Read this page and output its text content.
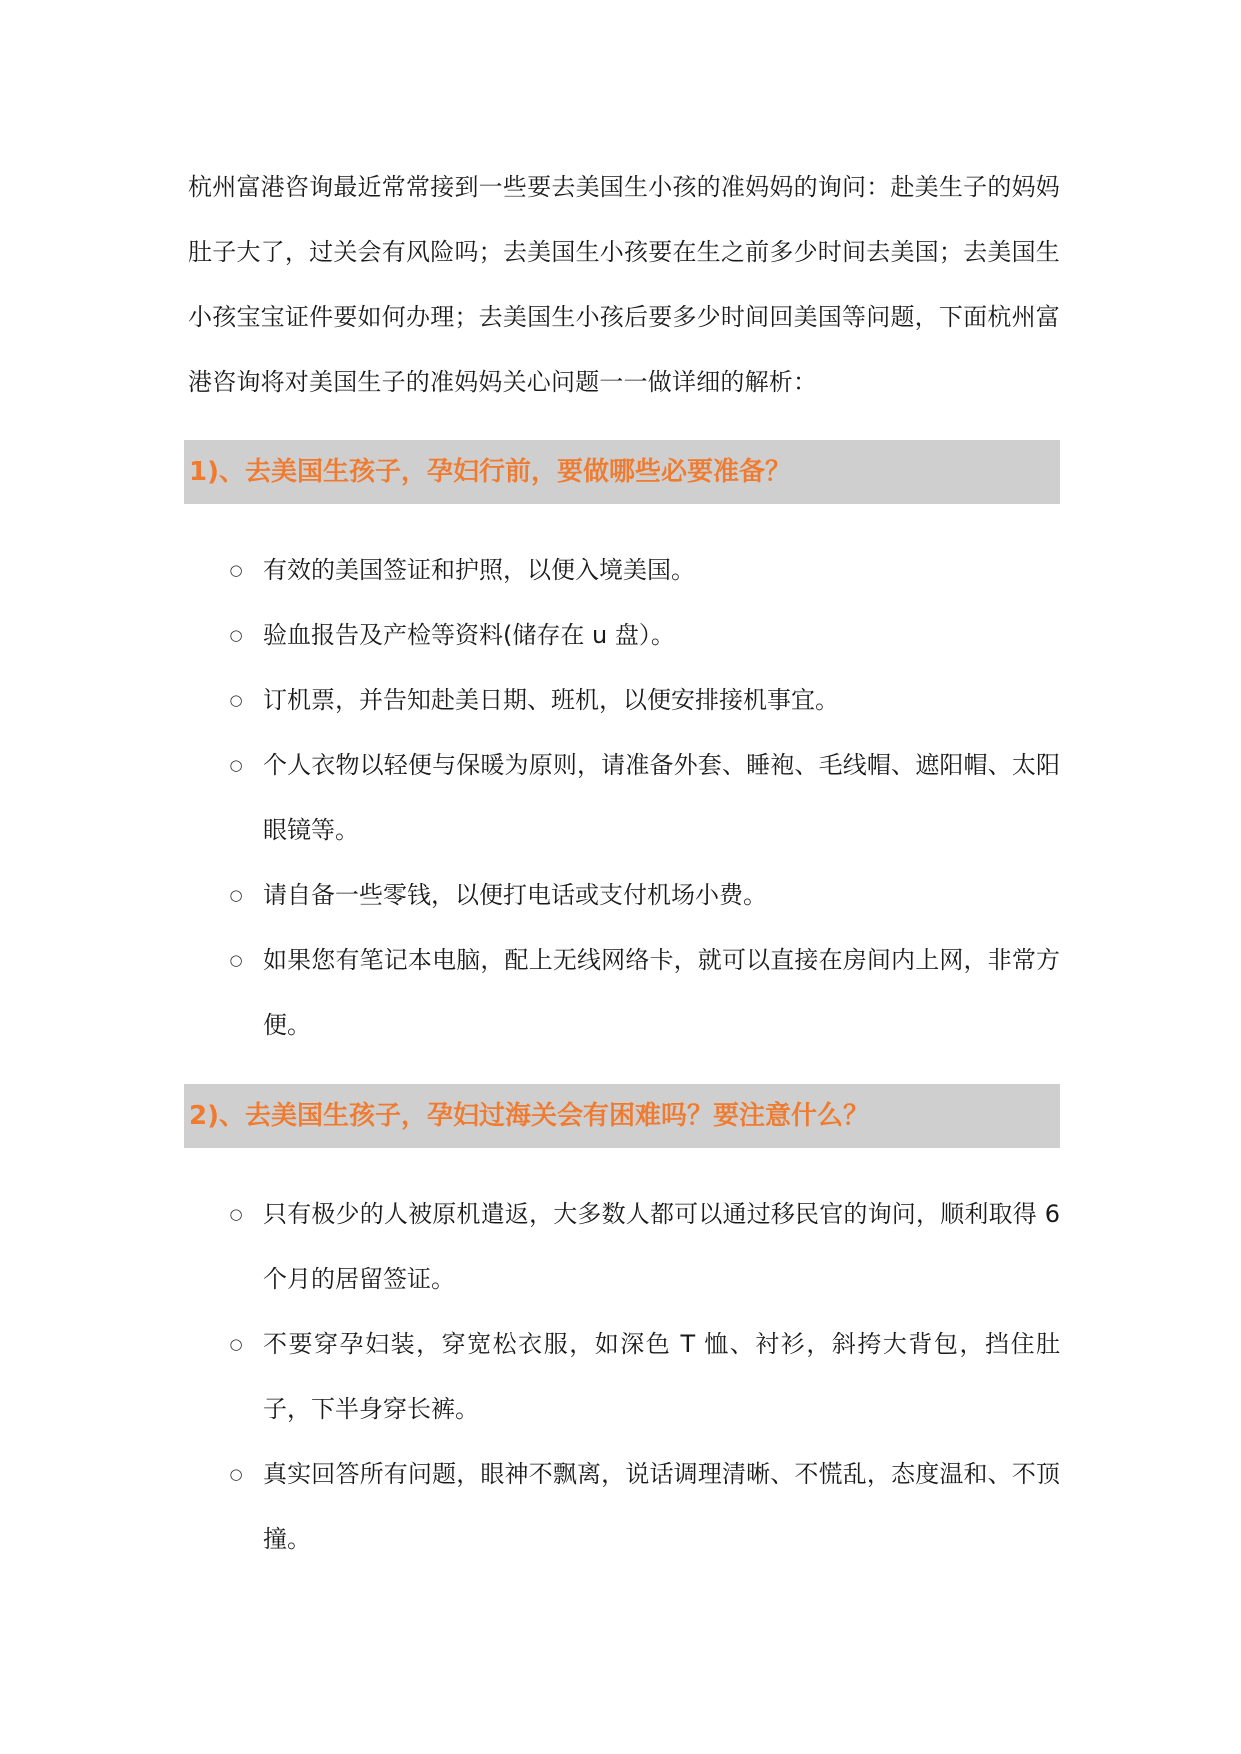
杭州富港咨询最近常常接到一些要去美国生小孩的准妈妈的询问：赴美生子的妈妈肚子大了，过关会有风险吗；去美国生小孩要在生之前多少时间去美国；去美国生小孩宝宝证件要如何办理；去美国生小孩后要多少时间回美国等问题，下面杭州富港咨询将对美国生子的准妈妈关心问题一一做详细的解析：

1)、去美国生孩子，孕妇行前，要做哪些必要准备？
○ 有效的美国签证和护照，以便入境美国。
○ 验血报告及产检等资料(储存在 u 盘）。
○ 订机票，并告知赴美日期、班机，以便安排接机事宜。
○ 个人衣物以轻便与保暖为原则，请准备外套、睡袍、毛线帽、遮阳帽、太阳眼镜等。
○ 请自备一些零钱，以便打电话或支付机场小费。
○ 如果您有笔记本电脑，配上无线网络卡，就可以直接在房间内上网，非常方便。
2)、去美国生孩子，孕妇过海关会有困难吗？要注意什么？
○ 只有极少的人被原机遣返，大多数人都可以通过移民官的询问，顺利取得 6 个月的居留签证。
○ 不要穿孕妇装，穿宽松衣服，如深色 T 恤、衬衫，斜挎大背包，挡住肚子，下半身穿长裤。
○ 真实回答所有问题，眼神不飘离，说话调理清晰、不慌乱，态度温和、不顶撞。
